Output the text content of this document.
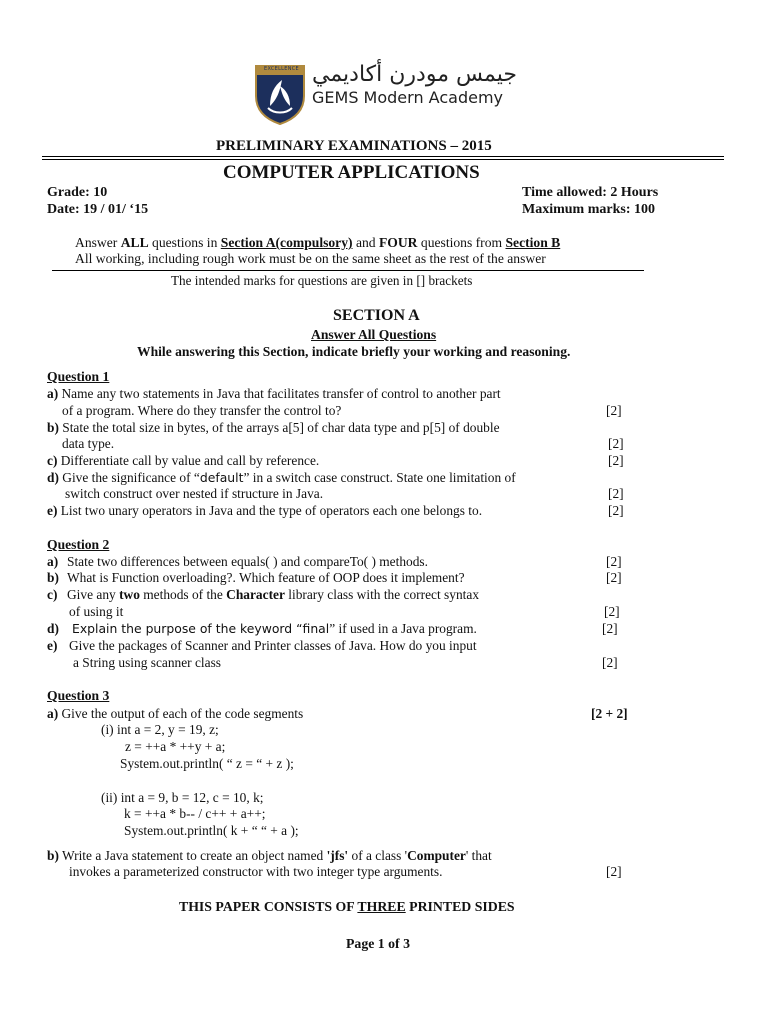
EXCELLENCE جيمس مودرن أكاديمي
GEMS Modern Academy
PRELIMINARY EXAMINATIONS – 2015
COMPUTER APPLICATIONS
Grade: 10
Date: 19 / 01/ ‘15
Time allowed: 2 Hours
Maximum marks: 100
Answer ALL questions in Section A(compulsory) and FOUR questions from Section B
All working, including rough work must be on the same sheet as the rest of the answer
The intended marks for questions are given in [] brackets
SECTION A
Answer All Questions
While answering this Section, indicate briefly your working and reasoning.
Question 1
a) Name any two statements in Java that facilitates transfer of control to another part
of a program. Where do they transfer the control to?	[2]
b) State the total size in bytes, of the arrays a[5] of char data type and p[5] of double
data type.	[2]
c) Differentiate call by value and call by reference.	[2]
d) Give the significance of “default” in a switch case construct. State one limitation of
switch construct over nested if structure in Java.	[2]
e) List two unary operators in Java and the type of operators each one belongs to.	[2]
Question 2
a) State two differences between equals( ) and compareTo( ) methods.	[2]
b) What is Function overloading?. Which feature of OOP does it implement?	[2]
c) Give any two methods of the Character library class with the correct syntax
of using it	[2]
d) Explain the purpose of the keyword “final” if used in a Java program.	[2]
e) Give the packages of Scanner and Printer classes of Java. How do you input
a String using scanner class	[2]
Question 3
a) Give the output of each of the code segments	[2 + 2]
(i) int a = 2, y = 19, z;
z = ++a * ++y + a;
System.out.println( “ z = “ + z );
(ii) int a = 9, b = 12, c = 10, k;
k = ++a * b-- / c++ + a++;
System.out.println( k + “ “ + a );
b) Write a Java statement to create an object named 'jfs' of a class 'Computer' that
invokes a parameterized constructor with two integer type arguments.	[2]
THIS PAPER CONSISTS OF THREE PRINTED SIDES
Page 1 of 3
